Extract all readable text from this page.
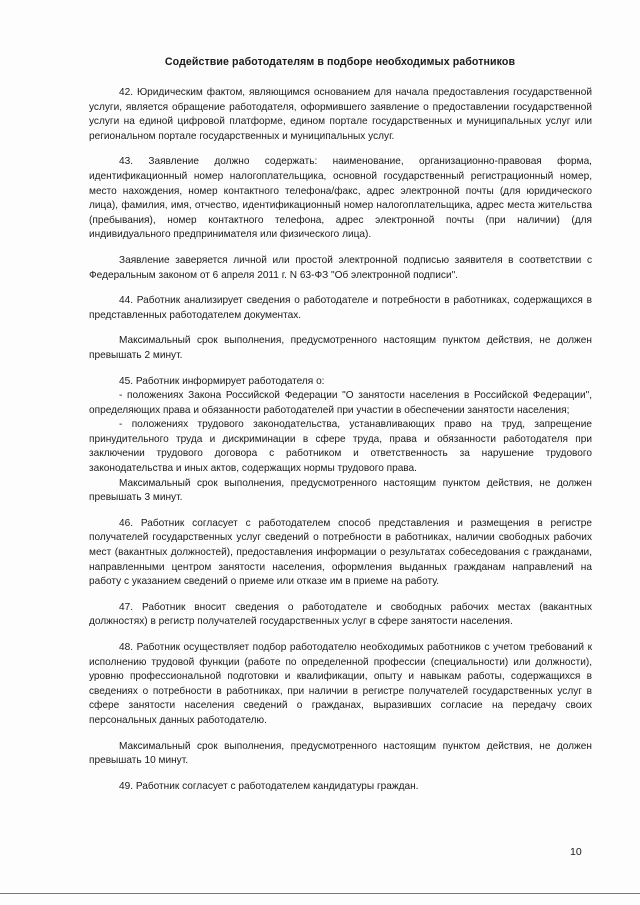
Содействие работодателям в подборе необходимых работников

42. Юридическим фактом, являющимся основанием для начала предоставления государственной услуги, является обращение работодателя, оформившего заявление о предоставлении государственной услуги на единой цифровой платформе, едином портале государственных и муниципальных услуг или региональном портале государственных и муниципальных услуг.

43. Заявление должно содержать: наименование, организационно-правовая форма, идентификационный номер налогоплательщика, основной государственный регистрационный номер, место нахождения, номер контактного телефона/факс, адрес электронной почты (для юридического лица), фамилия, имя, отчество, идентификационный номер налогоплательщика, адрес места жительства (пребывания), номер контактного телефона, адрес электронной почты (при наличии) (для индивидуального предпринимателя или физического лица).

Заявление заверяется личной или простой электронной подписью заявителя в соответствии с Федеральным законом от 6 апреля 2011 г. N 63-ФЗ "Об электронной подписи".

44. Работник анализирует сведения о работодателе и потребности в работниках, содержащихся в представленных работодателем документах.

Максимальный срок выполнения, предусмотренного настоящим пунктом действия, не должен превышать 2 минут.

45. Работник информирует работодателя о:

- положениях Закона Российской Федерации "О занятости населения в Российской Федерации", определяющих права и обязанности работодателей при участии в обеспечении занятости населения;

- положениях трудового законодательства, устанавливающих право на труд, запрещение принудительного труда и дискриминации в сфере труда, права и обязанности работодателя при заключении трудового договора с работником и ответственность за нарушение трудового законодательства и иных актов, содержащих нормы трудового права.

Максимальный срок выполнения, предусмотренного настоящим пунктом действия, не должен превышать 3 минут.

46. Работник согласует с работодателем способ представления и размещения в регистре получателей государственных услуг сведений о потребности в работниках, наличии свободных рабочих мест (вакантных должностей), предоставления информации о результатах собеседования с гражданами, направленными центром занятости населения, оформления выданных гражданам направлений на работу с указанием сведений о приеме или отказе им в приеме на работу.

47. Работник вносит сведения о работодателе и свободных рабочих местах (вакантных должностях) в регистр получателей государственных услуг в сфере занятости населения.

48. Работник осуществляет подбор работодателю необходимых работников с учетом требований к исполнению трудовой функции (работе по определенной профессии (специальности) или должности), уровню профессиональной подготовки и квалификации, опыту и навыкам работы, содержащихся в сведениях о потребности в работниках, при наличии в регистре получателей государственных услуг в сфере занятости населения сведений о гражданах, выразивших согласие на передачу своих персональных данных работодателю.

Максимальный срок выполнения, предусмотренного настоящим пунктом действия, не должен превышать 10 минут.

49. Работник согласует с работодателем кандидатуры граждан.

10
